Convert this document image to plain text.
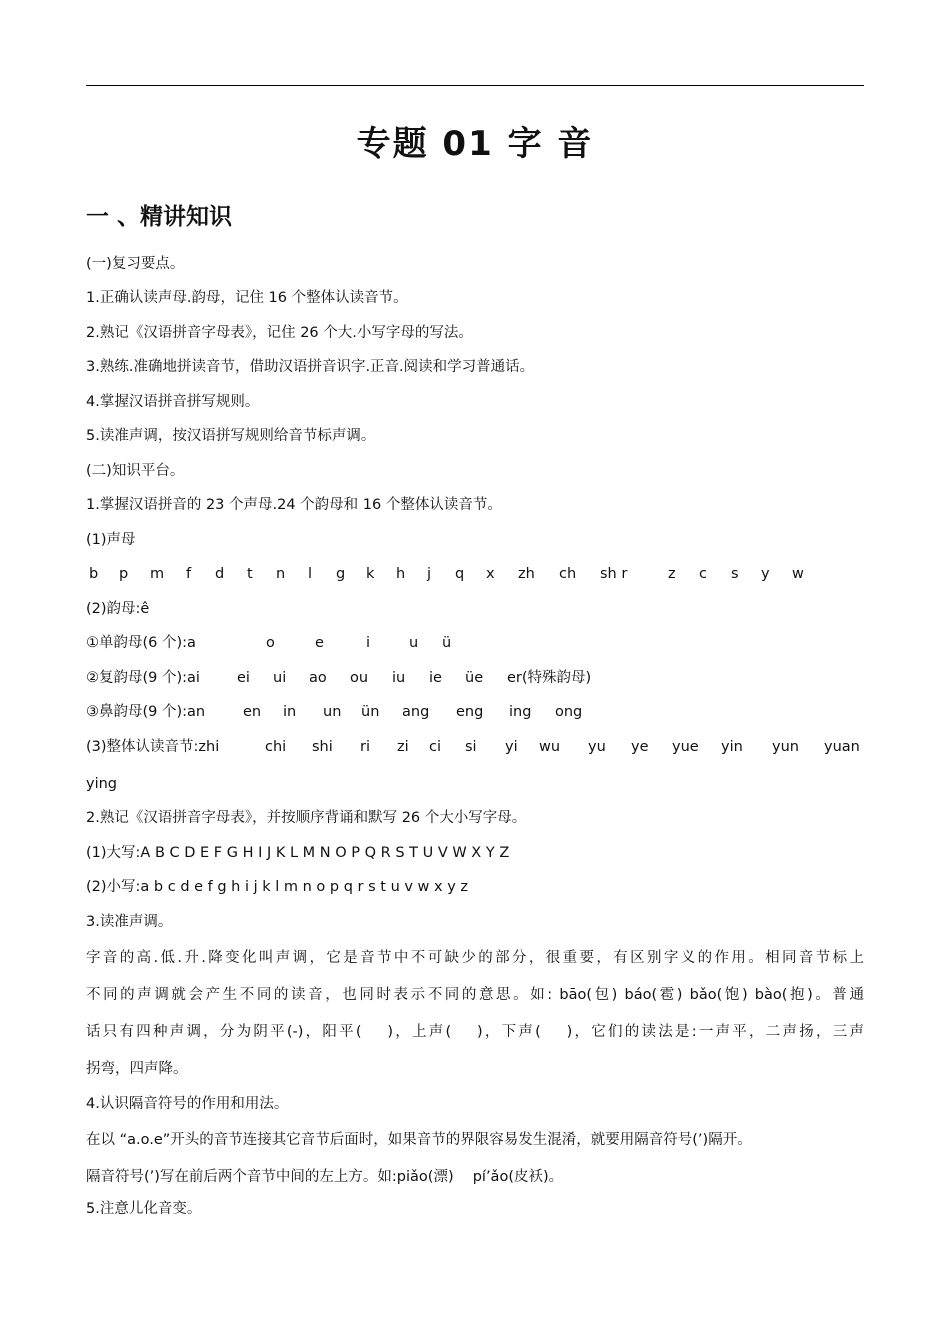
专题 01 字 音
一 、精讲知识
(一)复习要点。
1.正确认读声母.韵母，记住 16 个整体认读音节。
2.熟记《汉语拼音字母表》，记住 26 个大.小写字母的写法。
3.熟练.准确地拼读音节，借助汉语拼音识字.正音.阅读和学习普通话。
4.掌握汉语拼音拼写规则。
5.读准声调，按汉语拼写规则给音节标声调。
(二)知识平台。
1.掌握汉语拼音的 23 个声母.24 个韵母和 16 个整体认读音节。
(1)声母
b p m f d t n l g k h j q x zh ch sh r	z c s y w
(2)韵母:ê
①单韵母(6 个):a	o	e	i	u ü
②复韵母(9 个):ai	ei ui ao ou iu ie üe er(特殊韵母)
③鼻韵母(9 个):an	en in un ün ang eng ing ong
(3)整体认读音节:zhi	chi shi ri zi ci si yi wu yu ye yue yin yun yuan
ying
2.熟记《汉语拼音字母表》，并按顺序背诵和默写 26 个大小写字母。
(1)大写:A B C D E F G H I J K L M N O P Q R S T U V W X Y Z
(2)小写:a b c d e f g h i j k l m n o p q r s t u v w x y z
3.读准声调。
字音的高.低.升.降变化叫声调，它是音节中不可缺少的部分，很重要，有区别字义的作用。相同音节标上
不同的声调就会产生不同的读音，也同时表示不同的意思。如: bāo(包) báo(雹) bǎo(饱) bào(抱)。普通
话只有四种声调，分为阴平(-)，阳平(　 )，上声(　 )，下声(　 )，它们的读法是:一声平，二声扬，三声
拐弯，四声降。
4.认识隔音符号的作用和用法。
在以 “a.o.e”开头的音节连接其它音节后面时，如果音节的界限容易发生混淆，就要用隔音符号(’)隔开。
隔音符号(’)写在前后两个音节中间的左上方。如:piǎo(漂)　 pí’ǎo(皮袄)。
5.注意儿化音变。
